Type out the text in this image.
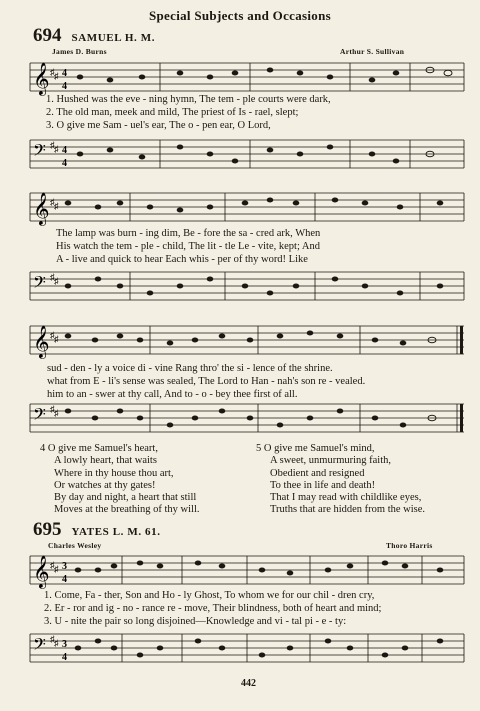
Special Subjects and Occasions
694 SAMUEL H. M.
James D. Burns	Arthur S. Sullivan
𝄞 ♯ ♯ 4
4
1. Hushed was the eve - ning hymn, The tem - ple courts were dark,
2. The old man, meek and mild, The priest of Is - rael, slept;
3. O give me Sam - uel's ear, The o - pen ear, O Lord,
𝄢 ♯ ♯ 4
4
𝄞 ♯ ♯
The lamp was burn - ing dim, Be - fore the sa - cred ark, When
His watch the tem - ple - child, The lit - tle Le - vite, kept; And
A - live and quick to hear Each whis - per of thy word! Like
𝄢 ♯ ♯
𝄞 ♯ ♯
sud - den - ly a voice di - vine Rang thro' the si - lence of the shrine.
what from E - li's sense was sealed, The Lord to Han - nah's son re - vealed.
him to an - swer at thy call, And to - o - bey thee first of all.
𝄢 ♯ ♯
4 O give me Samuel's heart,
A lowly heart, that waits
Where in thy house thou art,
Or watches at thy gates!
By day and night, a heart that still
Moves at the breathing of thy will.
5 O give me Samuel's mind,
A sweet, unmurmuring faith,
Obedient and resigned
To thee in life and death!
That I may read with childlike eyes,
Truths that are hidden from the wise.
695 YATES L. M. 61.
Charles Wesley	Thoro Harris
𝄞 ♯ ♯ 3
4
1. Come, Fa - ther, Son and Ho - ly Ghost, To whom we for our chil - dren cry,
2. Er - ror and ig - no - rance re - move, Their blindness, both of heart and mind;
3. U - nite the pair so long disjoined—Knowledge and vi - tal pi - e - ty:
𝄢 ♯ ♯ 3
4
442
